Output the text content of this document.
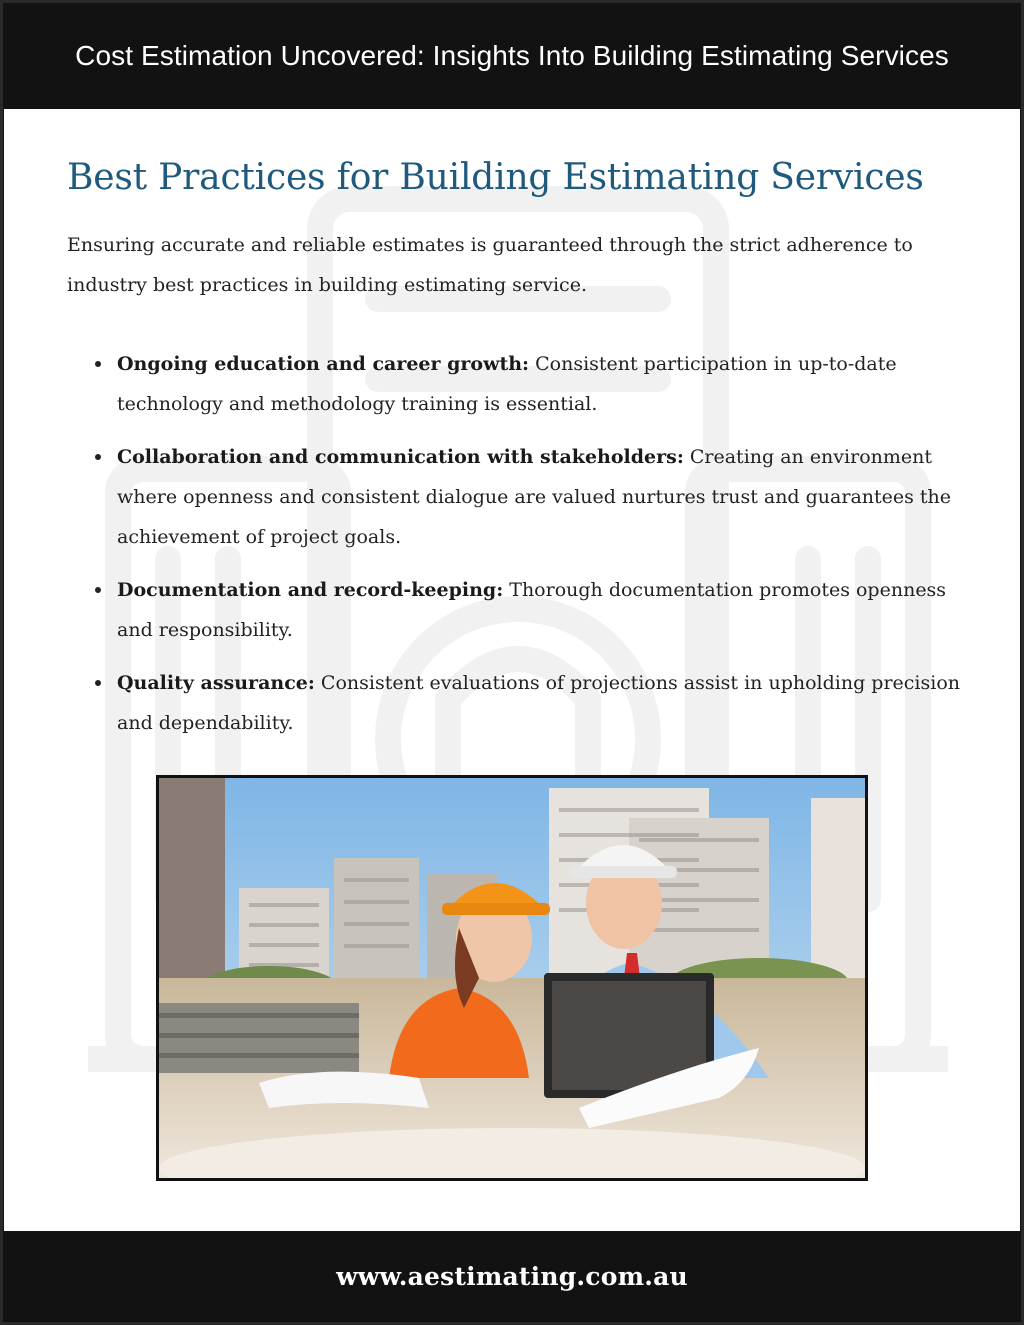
Cost Estimation Uncovered: Insights Into Building Estimating Services
Best Practices for Building Estimating Services

Ensuring accurate and reliable estimates is guaranteed through the strict adherence to industry best practices in building estimating service.

Ongoing education and career growth: Consistent participation in up-to-date technology and methodology training is essential.
Collaboration and communication with stakeholders: Creating an environment where openness and consistent dialogue are valued nurtures trust and guarantees the achievement of project goals.
Documentation and record-keeping: Thorough documentation promotes openness and responsibility.
Quality assurance: Consistent evaluations of projections assist in upholding precision and dependability.
www.aestimating.com.au
